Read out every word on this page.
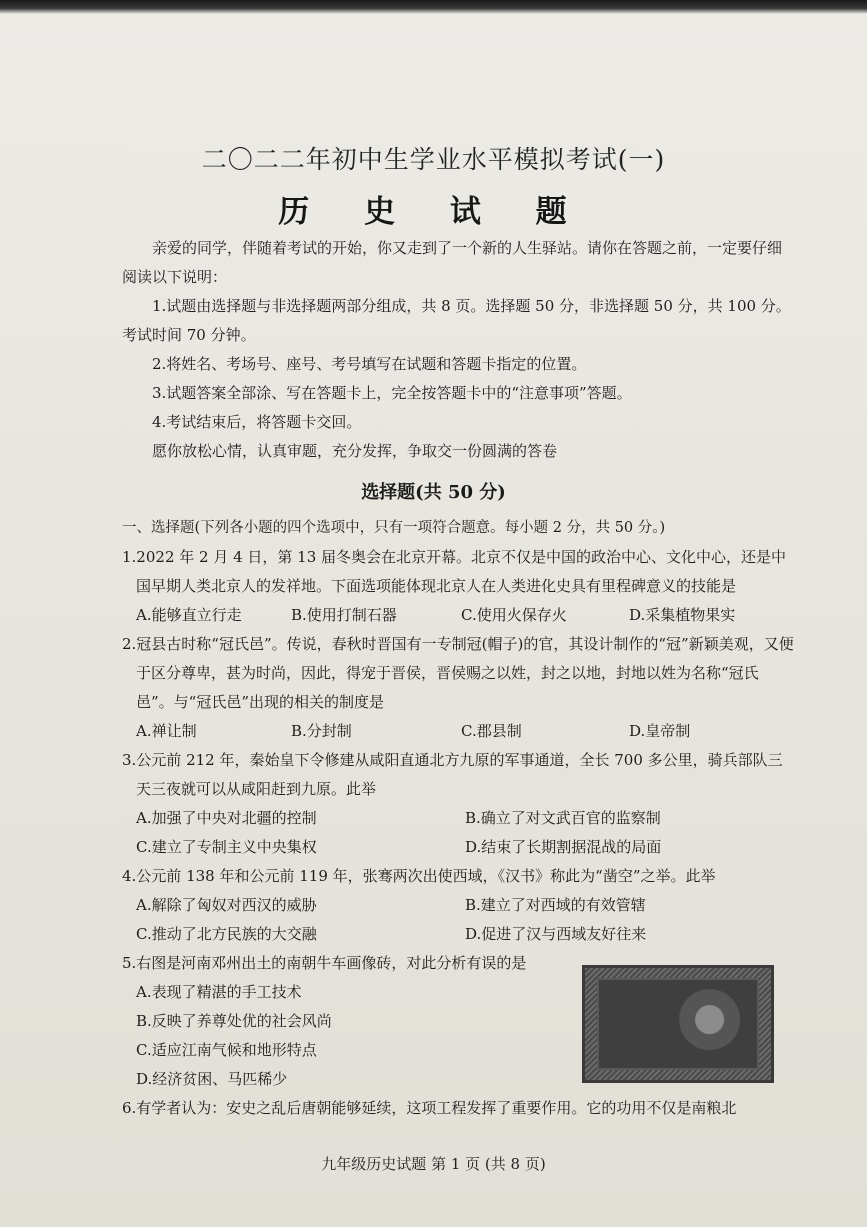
二〇二二年初中生学业水平模拟考试(一)
历 史 试 题

亲爱的同学，伴随着考试的开始，你又走到了一个新的人生驿站。请你在答题之前，一定要仔细阅读以下说明：

1.试题由选择题与非选择题两部分组成，共 8 页。选择题 50 分，非选择题 50 分，共 100 分。考试时间 70 分钟。

2.将姓名、考场号、座号、考号填写在试题和答题卡指定的位置。

3.试题答案全部涂、写在答题卡上，完全按答题卡中的“注意事项”答题。

4.考试结束后，将答题卡交回。

愿你放松心情，认真审题，充分发挥，争取交一份圆满的答卷

选择题(共 50 分)

一、选择题(下列各小题的四个选项中，只有一项符合题意。每小题 2 分，共 50 分。)

1.2022 年 2 月 4 日，第 13 届冬奥会在北京开幕。北京不仅是中国的政治中心、文化中心，还是中国早期人类北京人的发祥地。下面选项能体现北京人在人类进化史具有里程碑意义的技能是

A.能够直立行走	B.使用打制石器	C.使用火保存火	D.采集植物果实

2.冠县古时称“冠氏邑”。传说，春秋时晋国有一专制冠(帽子)的官，其设计制作的“冠”新颖美观，又便于区分尊卑，甚为时尚，因此，得宠于晋侯，晋侯赐之以姓，封之以地，封地以姓为名称“冠氏邑”。与“冠氏邑”出现的相关的制度是

A.禅让制	B.分封制	C.郡县制	D.皇帝制

3.公元前 212 年，秦始皇下令修建从咸阳直通北方九原的军事通道，全长 700 多公里，骑兵部队三天三夜就可以从咸阳赶到九原。此举

A.加强了中央对北疆的控制	B.确立了对文武百官的监察制
C.建立了专制主义中央集权	D.结束了长期割据混战的局面

4.公元前 138 年和公元前 119 年，张骞两次出使西域，《汉书》称此为“凿空”之举。此举

A.解除了匈奴对西汉的威胁	B.建立了对西域的有效管辖
C.推动了北方民族的大交融	D.促进了汉与西域友好往来

5.右图是河南邓州出土的南朝牛车画像砖，对此分析有误的是

A.表现了精湛的手工技术

B.反映了养尊处优的社会风尚

C.适应江南气候和地形特点

D.经济贫困、马匹稀少

6.有学者认为：安史之乱后唐朝能够延续，这项工程发挥了重要作用。它的功用不仅是南粮北

九年级历史试题 第 1 页 (共 8 页)
